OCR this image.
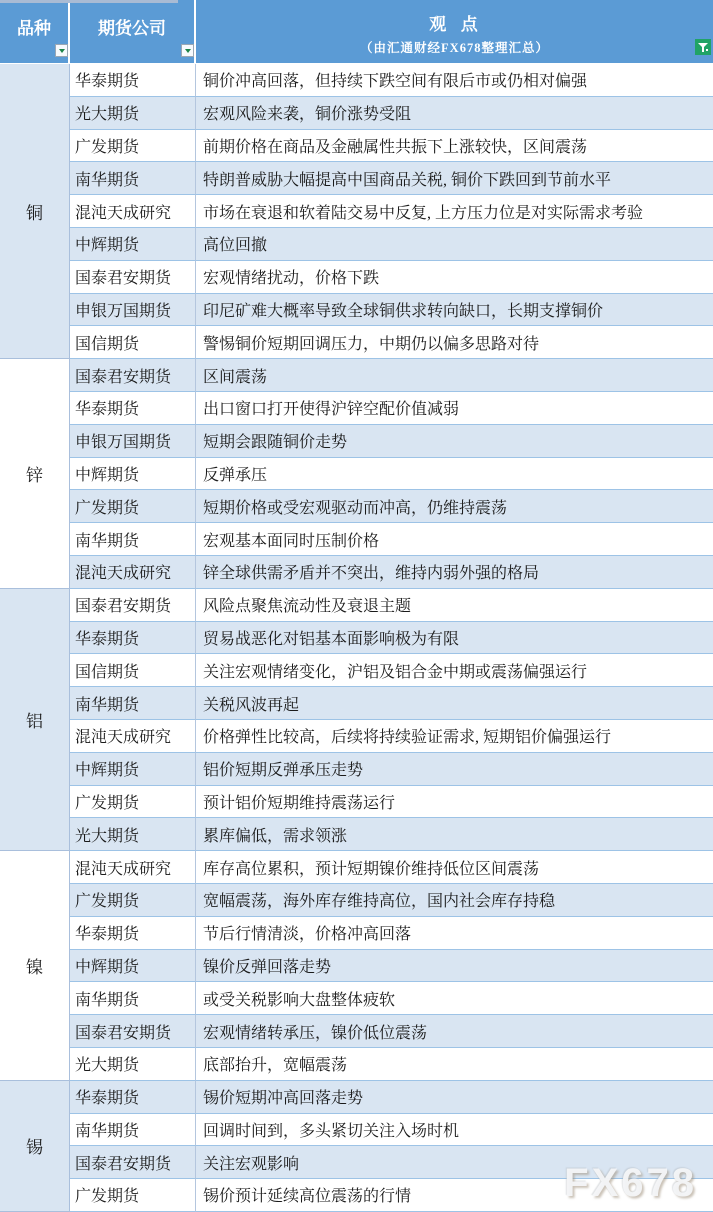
品种	期货公司	观  点
（由汇通财经FX678整理汇总）
铜
华泰期货	铜价冲高回落，但持续下跌空间有限后市或仍相对偏强
光大期货	宏观风险来袭，铜价涨势受阻
广发期货	前期价格在商品及金融属性共振下上涨较快，区间震荡
南华期货	特朗普威胁大幅提高中国商品关税, 铜价下跌回到节前水平
混沌天成研究	市场在衰退和软着陆交易中反复, 上方压力位是对实际需求考验
中辉期货	高位回撤
国泰君安期货	宏观情绪扰动，价格下跌
申银万国期货	印尼矿难大概率导致全球铜供求转向缺口，长期支撑铜价
国信期货	警惕铜价短期回调压力，中期仍以偏多思路对待
锌
国泰君安期货	区间震荡
华泰期货	出口窗口打开使得沪锌空配价值减弱
申银万国期货	短期会跟随铜价走势
中辉期货	反弹承压
广发期货	短期价格或受宏观驱动而冲高，仍维持震荡
南华期货	宏观基本面同时压制价格
混沌天成研究	锌全球供需矛盾并不突出，维持内弱外强的格局
铝
国泰君安期货	风险点聚焦流动性及衰退主题
华泰期货	贸易战恶化对铝基本面影响极为有限
国信期货	关注宏观情绪变化，沪铝及铝合金中期或震荡偏强运行
南华期货	关税风波再起
混沌天成研究	价格弹性比较高，后续将持续验证需求, 短期铝价偏强运行
中辉期货	铝价短期反弹承压走势
广发期货	预计铝价短期维持震荡运行
光大期货	累库偏低，需求领涨
镍
混沌天成研究	库存高位累积，预计短期镍价维持低位区间震荡
广发期货	宽幅震荡，海外库存维持高位，国内社会库存持稳
华泰期货	节后行情清淡，价格冲高回落
中辉期货	镍价反弹回落走势
南华期货	或受关税影响大盘整体疲软
国泰君安期货	宏观情绪转承压，镍价低位震荡
光大期货	底部抬升，宽幅震荡
锡
华泰期货	锡价短期冲高回落走势
南华期货	回调时间到，多头紧切关注入场时机
国泰君安期货	关注宏观影响
广发期货	锡价预计延续高位震荡的行情	FX678
